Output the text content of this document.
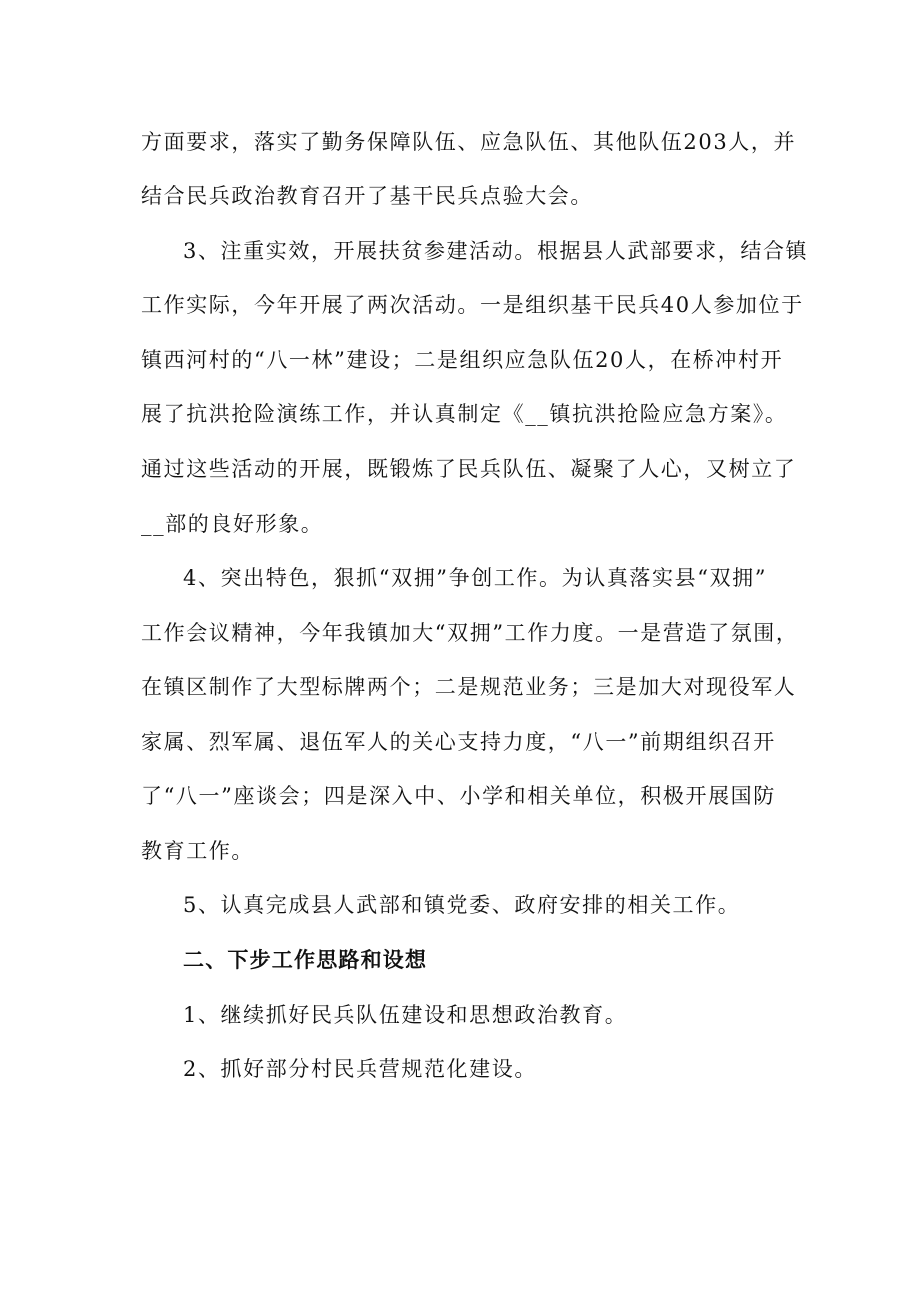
方面要求，落实了勤务保障队伍、应急队伍、其他队伍203人，并
结合民兵政治教育召开了基干民兵点验大会。
3、注重实效，开展扶贫参建活动。根据县人武部要求，结合镇
工作实际，今年开展了两次活动。一是组织基干民兵40人参加位于
镇西河村的“八一林”建设；二是组织应急队伍20人，在桥冲村开
展了抗洪抢险演练工作，并认真制定《__镇抗洪抢险应急方案》。
通过这些活动的开展，既锻炼了民兵队伍、凝聚了人心，又树立了
__部的良好形象。
4、突出特色，狠抓“双拥”争创工作。为认真落实县“双拥”
工作会议精神，今年我镇加大“双拥”工作力度。一是营造了氛围，
在镇区制作了大型标牌两个；二是规范业务；三是加大对现役军人
家属、烈军属、退伍军人的关心支持力度，“八一”前期组织召开
了“八一”座谈会；四是深入中、小学和相关单位，积极开展国防
教育工作。
5、认真完成县人武部和镇党委、政府安排的相关工作。
二、下步工作思路和设想
1、继续抓好民兵队伍建设和思想政治教育。
2、抓好部分村民兵营规范化建设。
